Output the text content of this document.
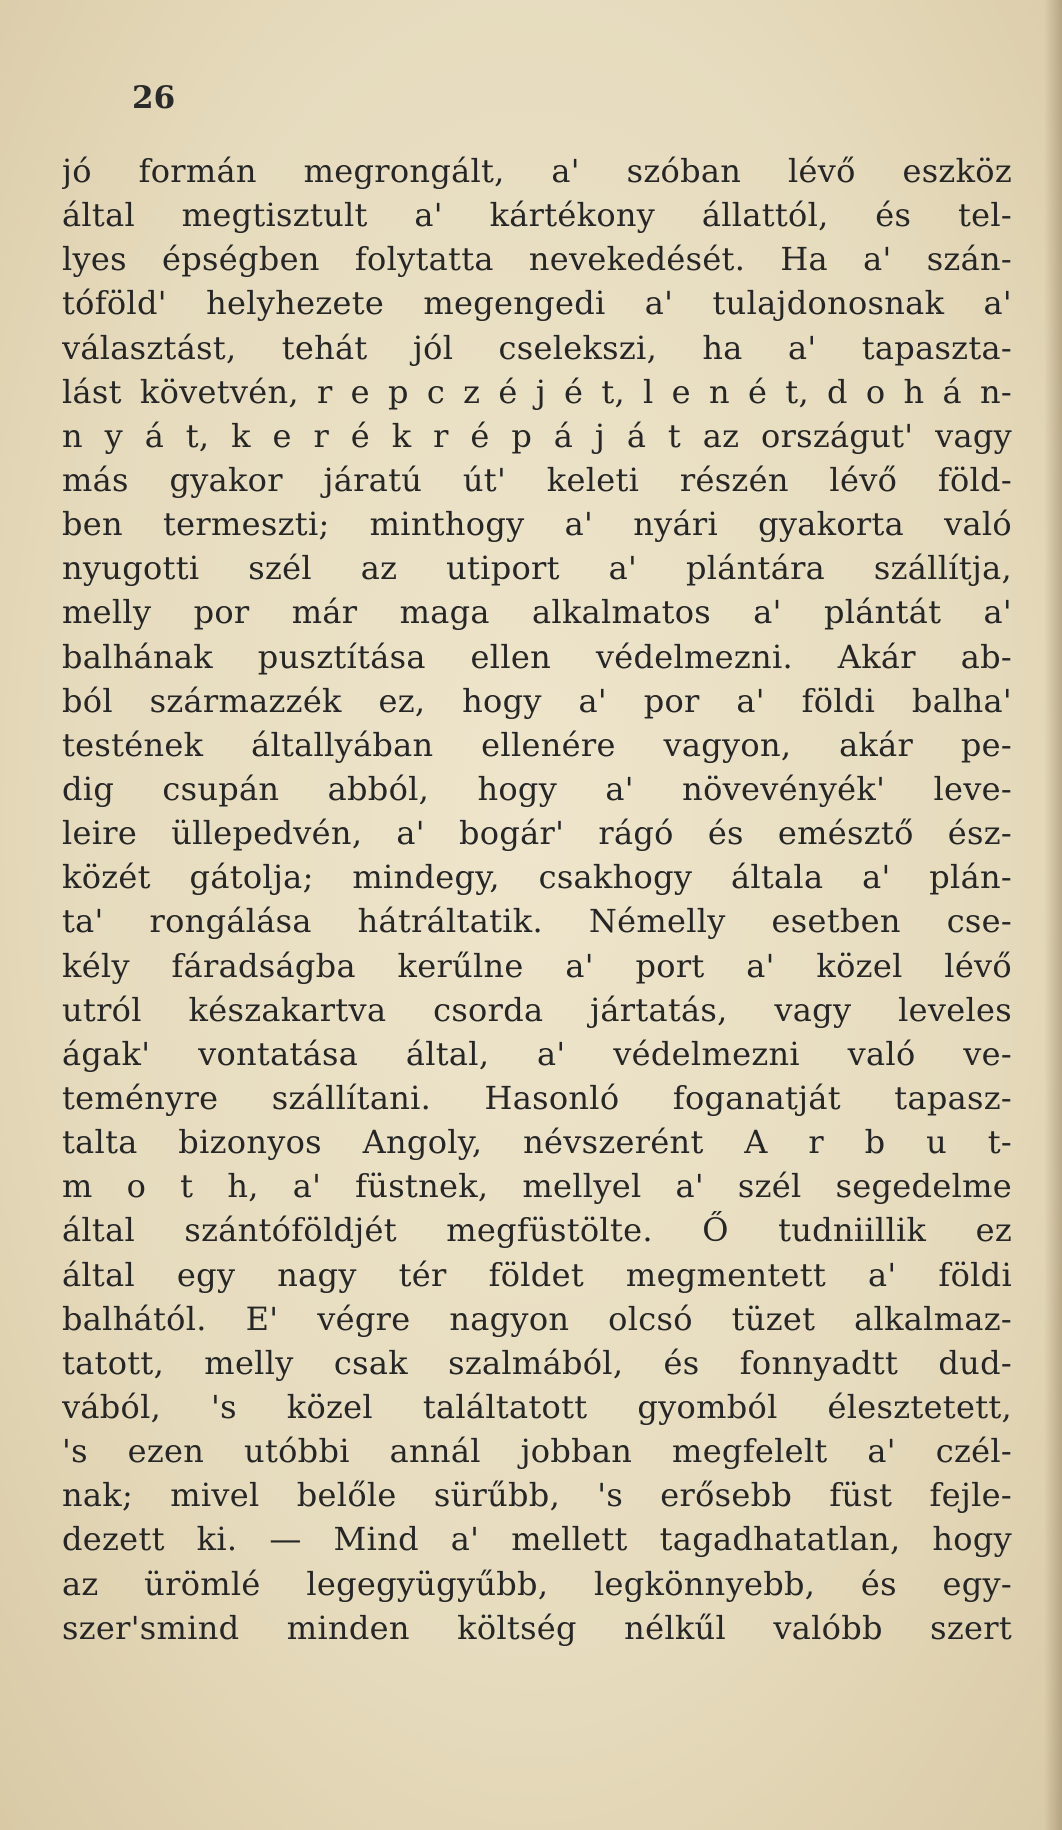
26

jó formán megrongált, a' szóban lévő eszköz
által megtisztult a' kártékony állattól, és tel-
lyes épségben folytatta nevekedését. Ha a' szán-
tóföld' helyhezete megengedi a' tulajdonosnak a'
választást, tehát jól cselekszi, ha a' tapaszta-
lást követvén, r e p c z é j é t, l e n é t, d o h á n-
n y á t, k e r é k r é p á j á t az országut' vagy
más gyakor járatú út' keleti részén lévő föld-
ben termeszti; minthogy a' nyári gyakorta való
nyugotti szél az utiport a' plántára szállítja,
melly por már maga alkalmatos a' plántát a'
balhának pusztítása ellen védelmezni. Akár ab-
ból származzék ez, hogy a' por a' földi balha'
testének általlyában ellenére vagyon, akár pe-
dig csupán abból, hogy a' növevényék' leve-
leire üllepedvén, a' bogár' rágó és emésztő ész-
közét gátolja; mindegy, csakhogy általa a' plán-
ta' rongálása hátráltatik. Némelly esetben cse-
kély fáradságba kerűlne a' port a' közel lévő
utról készakartva csorda jártatás, vagy leveles
ágak' vontatása által, a' védelmezni való ve-
teményre szállítani. Hasonló foganatját tapasz-
talta bizonyos Angoly, névszerént A r b u t-
m o t h, a' füstnek, mellyel a' szél segedelme
által szántóföldjét megfüstölte. Ő tudniillik ez
által egy nagy tér földet megmentett a' földi
balhától. E' végre nagyon olcsó tüzet alkalmaz-
tatott, melly csak szalmából, és fonnyadtt dud-
vából, 's közel találtatott gyomból élesztetett,
's ezen utóbbi annál jobban megfelelt a' czél-
nak; mivel belőle sürűbb, 's erősebb füst fejle-
dezett ki. — Mind a' mellett tagadhatatlan, hogy
az ürömlé legegyügyűbb, legkönnyebb, és egy-
szer'smind minden költség nélkűl valóbb szert
